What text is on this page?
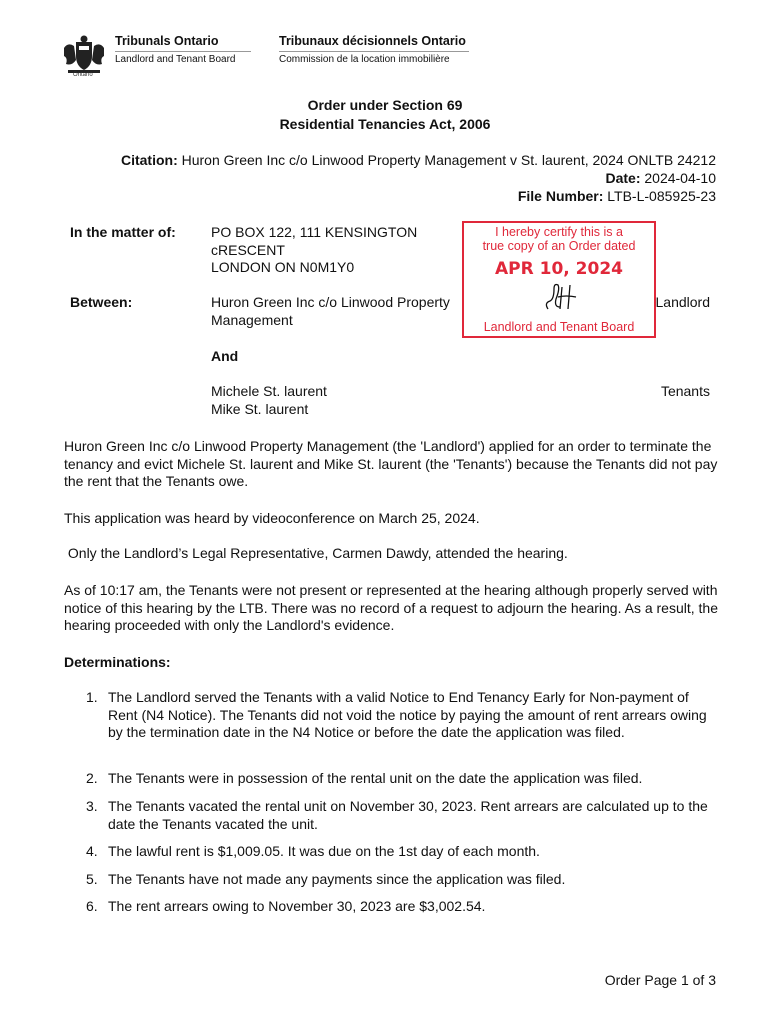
Ontario
Tribunals Ontario
Landlord and Tenant Board
Tribunaux décisionnels Ontario
Commission de la location immobilière
Order under Section 69
Residential Tenancies Act, 2006
Citation: Huron Green Inc c/o Linwood Property Management v St. laurent, 2024 ONLTB 24212
Date: 2024-04-10
File Number: LTB-L-085925-23
In the matter of:	PO BOX 122, 111 KENSINGTON
cRESCENT
LONDON ON N0M1Y0
Between:	Huron Green Inc c/o Linwood Property
Management
Landlord
And
Michele St. laurent
Mike St. laurent
Tenants
I hereby certify this is a
true copy of an Order dated
APR 10, 2024
JH
Landlord and Tenant Board
Huron Green Inc c/o Linwood Property Management (the 'Landlord') applied for an order to terminate the tenancy and evict Michele St. laurent and Mike St. laurent (the 'Tenants') because the Tenants did not pay the rent that the Tenants owe.
This application was heard by videoconference on March 25, 2024.
Only the Landlord’s Legal Representative, Carmen Dawdy, attended the hearing.
As of 10:17 am, the Tenants were not present or represented at the hearing although properly served with notice of this hearing by the LTB. There was no record of a request to adjourn the hearing. As a result, the hearing proceeded with only the Landlord's evidence.
Determinations:
1. The Landlord served the Tenants with a valid Notice to End Tenancy Early for Non-payment of Rent (N4 Notice). The Tenants did not void the notice by paying the amount of rent arrears owing by the termination date in the N4 Notice or before the date the application was filed.
2. The Tenants were in possession of the rental unit on the date the application was filed.
3. The Tenants vacated the rental unit on November 30, 2023. Rent arrears are calculated up to the date the Tenants vacated the unit.
4. The lawful rent is $1,009.05. It was due on the 1st day of each month.
5. The Tenants have not made any payments since the application was filed.
6. The rent arrears owing to November 30, 2023 are $3,002.54.
Order Page 1 of 3
